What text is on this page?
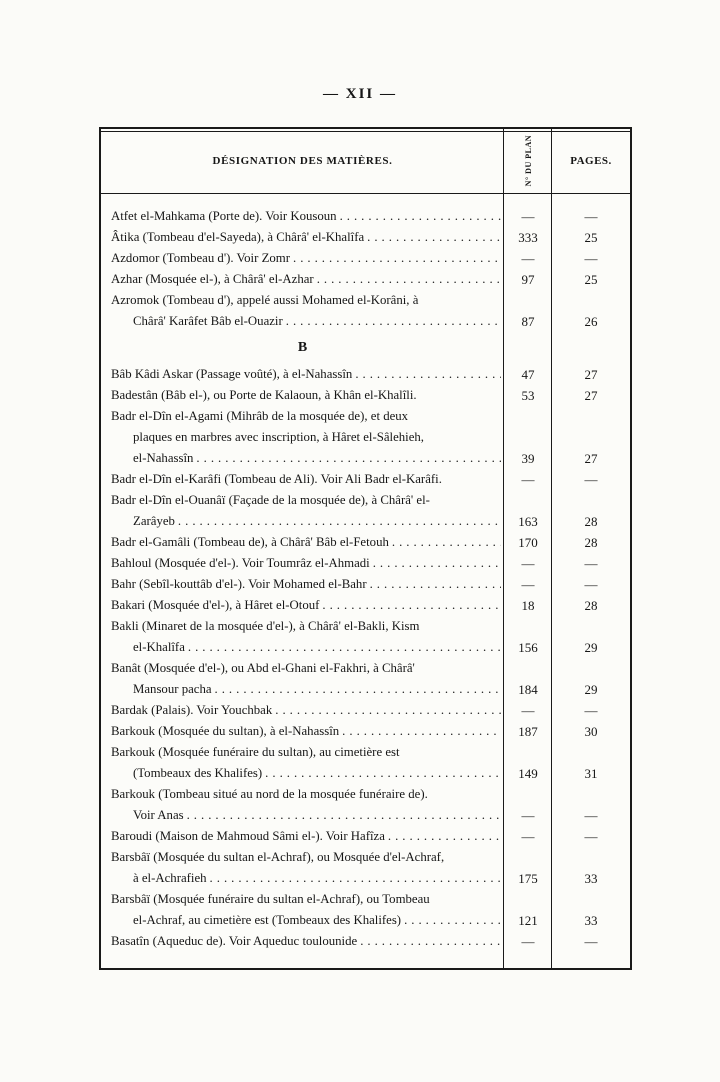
— XII —
DÉSIGNATION DES MATIÈRES.	N° DU PLAN	PAGES.
Atfet el-Mahkama (Porte de). Voir Kousoun .....	—	—
Âtika (Tombeau d'el-Sayeda), à Chârâ' el-Khalîfa .....	333	25
Azdomor (Tombeau d'). Voir Zomr .....	—	—
Azhar (Mosquée el-), à Chârâ' el-Azhar .....	97	25
Azromok (Tombeau d'), appelé aussi Mohamed el-Korâni, à
Chârâ' Karâfet Bâb el-Ouazir .....	87	26
B
Bâb Kâdi Askar (Passage voûté), à el-Nahassîn .....	47	27
Badestân (Bâb el-), ou Porte de Kalaoun, à Khân el-Khalîli.	53	27
Badr el-Dîn el-Agami (Mihrâb de la mosquée de), et deux
plaques en marbres avec inscription, à Hâret el-Sâlehieh,
el-Nahassîn .....	39	27
Badr el-Dîn el-Karâfi (Tombeau de Ali). Voir Ali Badr el-Karâfi.	—	—
Badr el-Dîn el-Ouanâï (Façade de la mosquée de), à Chârâ' el-
Zarâyeb .....	163	28
Badr el-Gamâli (Tombeau de), à Chârâ' Bâb el-Fetouh .....	170	28
Bahloul (Mosquée d'el-). Voir Toumrâz el-Ahmadi .....	—	—
Bahr (Sebîl-kouttâb d'el-). Voir Mohamed el-Bahr .....	—	—
Bakari (Mosquée d'el-), à Hâret el-Otouf .....	18	28
Bakli (Minaret de la mosquée d'el-), à Chârâ' el-Bakli, Kism
el-Khalîfa .....	156	29
Banât (Mosquée d'el-), ou Abd el-Ghani el-Fakhri, à Chârâ'
Mansour pacha .....	184	29
Bardak (Palais). Voir Youchbak .....	—	—
Barkouk (Mosquée du sultan), à el-Nahassîn .....	187	30
Barkouk (Mosquée funéraire du sultan), au cimetière est
(Tombeaux des Khalifes) .....	149	31
Barkouk (Tombeau situé au nord de la mosquée funéraire de).
Voir Anas .....	—	—
Baroudi (Maison de Mahmoud Sâmi el-). Voir Hafîza .....	—	—
Barsbâï (Mosquée du sultan el-Achraf), ou Mosquée d'el-Achraf,
à el-Achrafieh .....	175	33
Barsbâï (Mosquée funéraire du sultan el-Achraf), ou Tombeau
el-Achraf, au cimetière est (Tombeaux des Khalifes) .....	121	33
Basatîn (Aqueduc de). Voir Aqueduc toulounide .....	—	—
